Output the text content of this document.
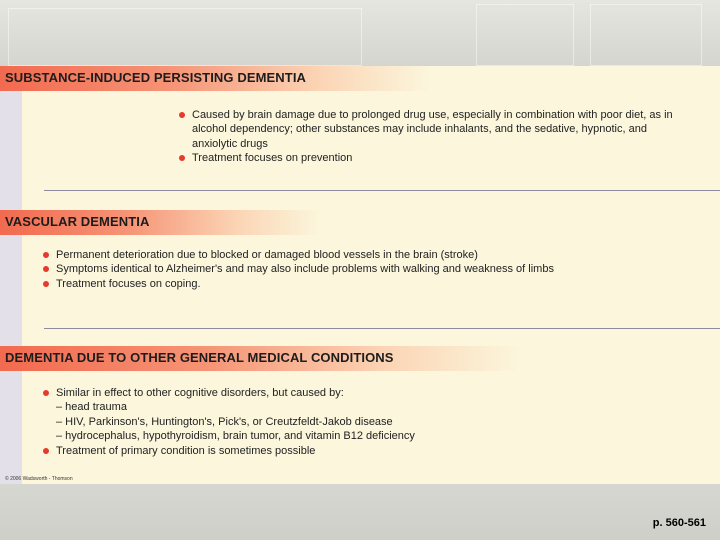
SUBSTANCE-INDUCED PERSISTING DEMENTIA
Caused by brain damage due to prolonged drug use, especially in combination with poor diet, as in
alcohol dependency; other substances may include inhalants, and the sedative, hypnotic, and
anxiolytic drugs
Treatment focuses on prevention
VASCULAR DEMENTIA
Permanent deterioration due to blocked or damaged blood vessels in the brain (stroke)
Symptoms identical to Alzheimer's and may also include problems with walking and weakness of limbs
Treatment focuses on coping.
DEMENTIA DUE TO OTHER GENERAL MEDICAL CONDITIONS
Similar in effect to other cognitive disorders, but caused by:
– head trauma
– HIV, Parkinson's, Huntington's, Pick's, or Creutzfeldt-Jakob disease
– hydrocephalus, hypothyroidism, brain tumor, and vitamin B12 deficiency
Treatment of primary condition is sometimes possible
© 2006 Wadsworth - Thomson
p. 560-561
